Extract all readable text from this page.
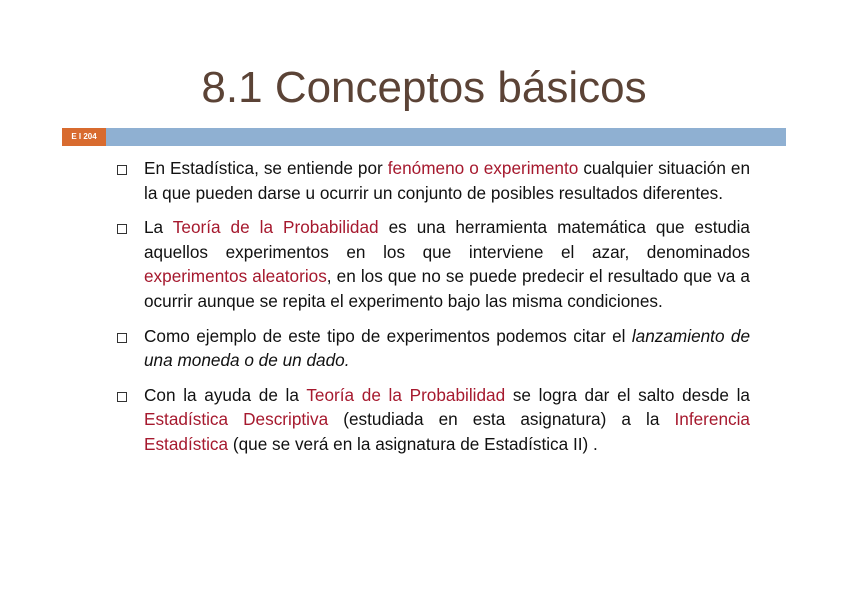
8.1 Conceptos básicos
E I 204
En Estadística, se entiende por fenómeno o experimento cualquier situación en la que pueden darse u ocurrir un conjunto de posibles resultados diferentes.
La Teoría de la Probabilidad es una herramienta matemática que estudia aquellos experimentos en los que interviene el azar, denominados experimentos aleatorios, en los que no se puede predecir el resultado que va a ocurrir aunque se repita el experimento bajo las misma condiciones.
Como ejemplo de este tipo de experimentos podemos citar el lanzamiento de una moneda o de un dado.
Con la ayuda de la Teoría de la Probabilidad se logra dar el salto desde la Estadística Descriptiva (estudiada en esta asignatura) a la Inferencia Estadística (que se verá en la asignatura de Estadística II) .
